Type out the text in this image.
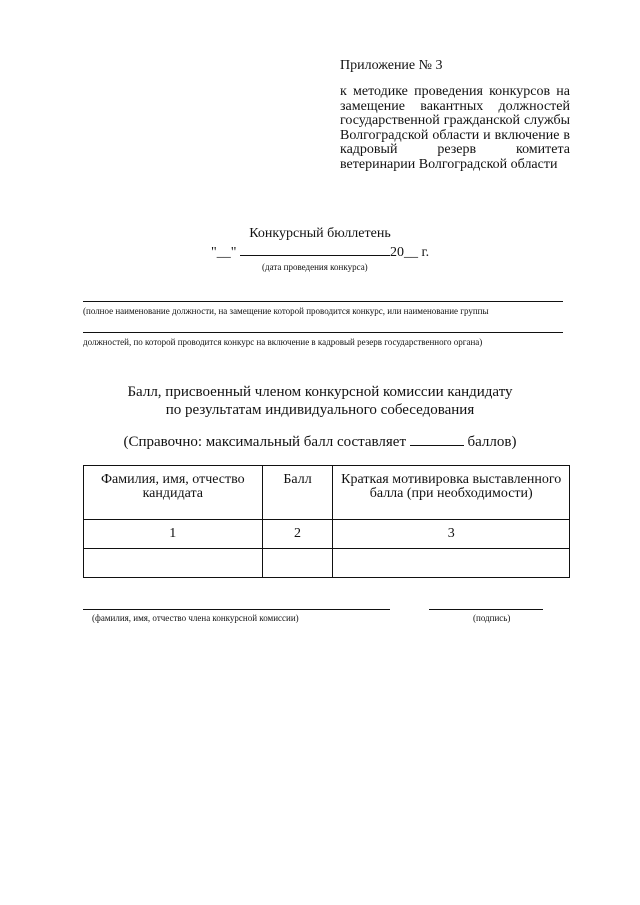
Приложение № 3
к методике проведения конкурсов на замещение вакантных должностей государственной гражданской службы Волгоградской области и включение в кадровый резерв комитета ветеринарии Волгоградской области
Конкурсный бюллетень
"__"	20__ г.
(дата проведения конкурса)
(полное наименование должности, на замещение которой проводится конкурс, или наименование группы
должностей, по которой проводится конкурс на включение в кадровый резерв государственного органа)
Балл, присвоенный членом конкурсной комиссии кандидату
по результатам индивидуального собеседования
(Справочно: максимальный балл составляет	баллов)
Фамилия, имя, отчество кандидата	Балл	Краткая мотивировка выставленного балла (при необходимости)
1	2	3

(фамилия, имя, отчество члена конкурсной комиссии)	(подпись)
